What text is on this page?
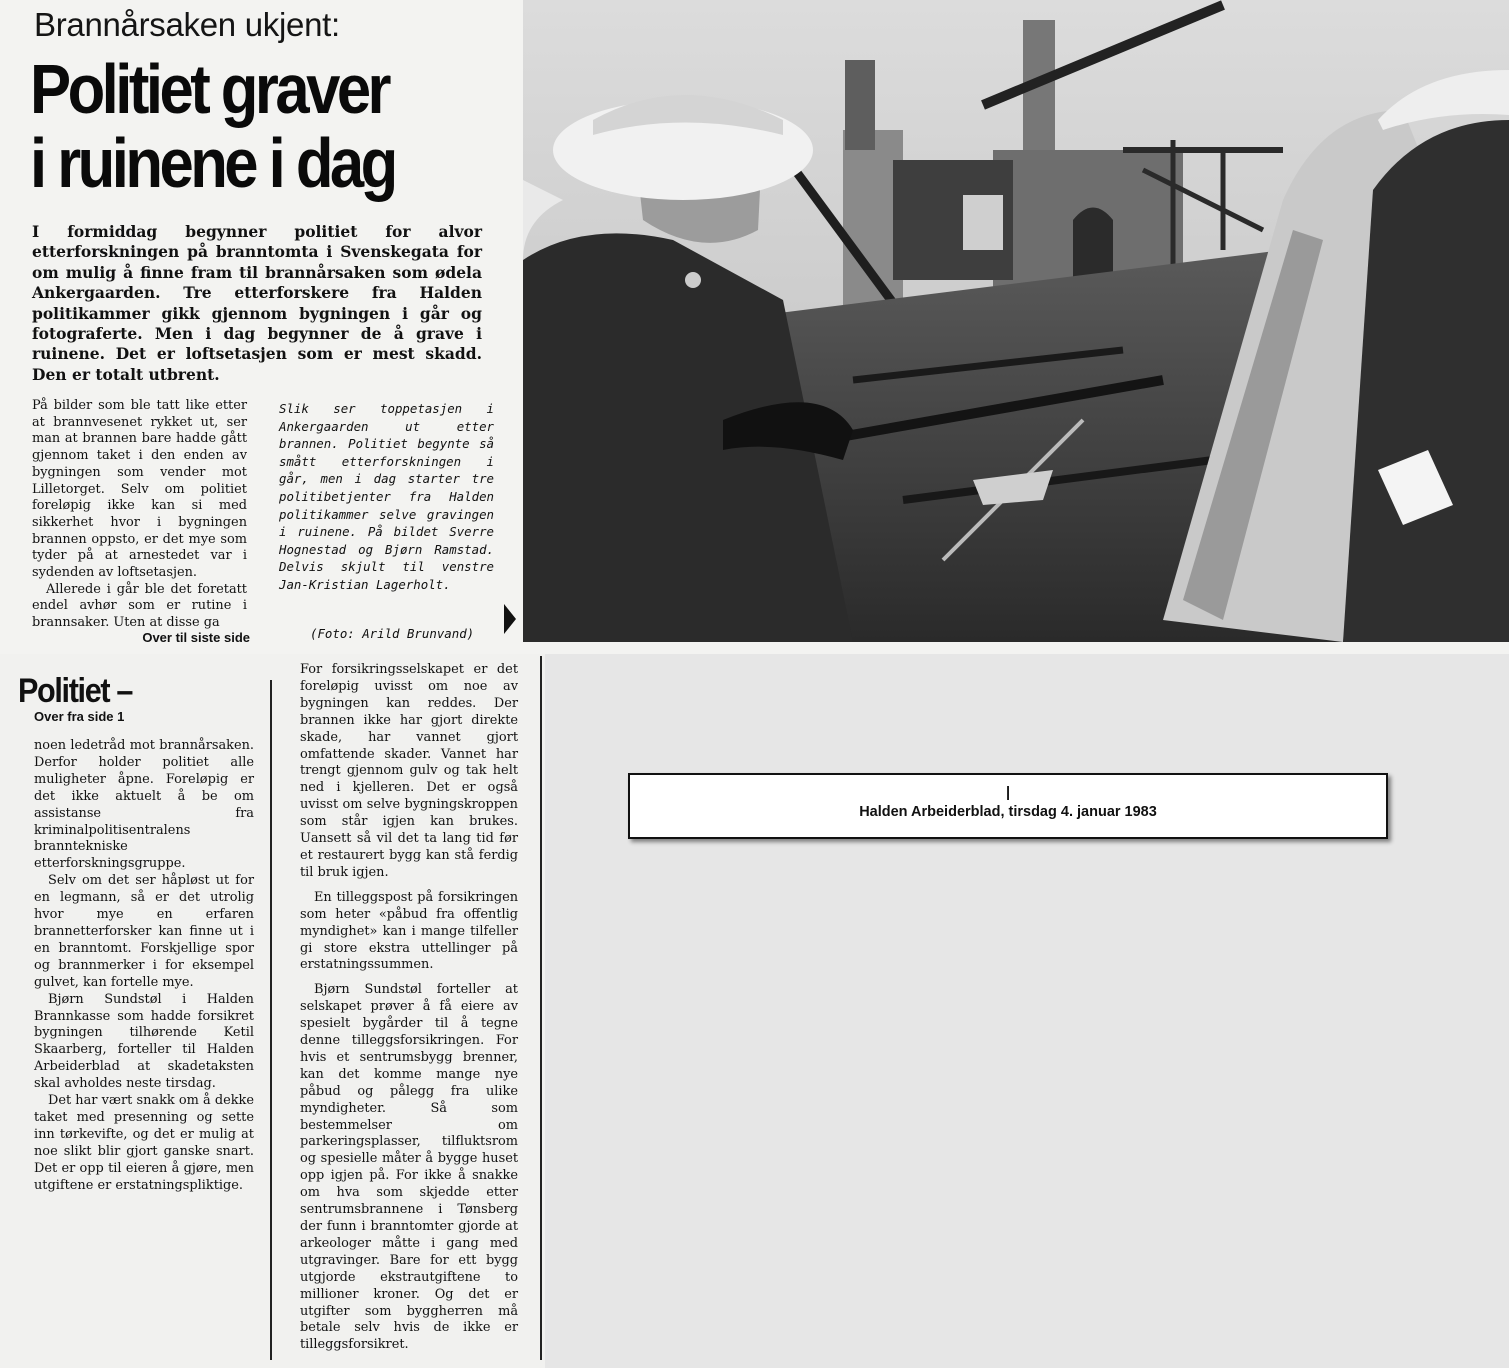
Brannårsaken ukjent:
Politiet graver
i ruinene i dag
I formiddag begynner politiet for alvor etterforskningen på branntomta i Svenskegata for om mulig å finne fram til brannårsaken som ødela Ankergaarden. Tre etterforskere fra Halden politikammer gikk gjennom bygningen i går og fotograferte. Men i dag begynner de å grave i ruinene. Det er loftsetasjen som er mest skadd. Den er totalt utbrent.

På bilder som ble tatt like etter at brannvesenet rykket ut, ser man at brannen bare hadde gått gjennom taket i den enden av bygningen som vender mot Lilletorget. Selv om politiet foreløpig ikke kan si med sikkerhet hvor i bygningen brannen oppsto, er det mye som tyder på at arnestedet var i sydenden av loftsetasjen.

Allerede i går ble det foretatt endel avhør som er rutine i brannsaker. Uten at disse ga

Over til siste side
Slik ser toppetasjen i Ankergaarden ut etter brannen. Politiet begynte så smått etterforskningen i går, men i dag starter tre politibetjenter fra Halden politikammer selve gravingen i ruinene. På bildet Sverre Hognestad og Bjørn Ramstad. Delvis skjult til venstre Jan-Kristian Lagerholt.
(Foto: Arild Brunvand)
Politiet –
Over fra side 1

noen ledetråd mot brannårsaken. Derfor holder politiet alle muligheter åpne. Foreløpig er det ikke aktuelt å be om assistanse fra kriminalpolitisentralens branntekniske etterforskningsgruppe.

Selv om det ser håpløst ut for en legmann, så er det utrolig hvor mye en erfaren brannetterforsker kan finne ut i en branntomt. Forskjellige spor og brannmerker i for eksempel gulvet, kan fortelle mye.

Bjørn Sundstøl i Halden Brannkasse som hadde forsikret bygningen tilhørende Ketil Skaarberg, forteller til Halden Arbeiderblad at skadetaksten skal avholdes neste tirsdag.

Det har vært snakk om å dekke taket med presenning og sette inn tørkevifte, og det er mulig at noe slikt blir gjort ganske snart. Det er opp til eieren å gjøre, men utgiftene er erstatningspliktige.

For forsikringsselskapet er det foreløpig uvisst om noe av bygningen kan reddes. Der brannen ikke har gjort direkte skade, har vannet gjort omfattende skader. Vannet har trengt gjennom gulv og tak helt ned i kjelleren. Det er også uvisst om selve bygningskroppen som står igjen kan brukes. Uansett så vil det ta lang tid før et restaurert bygg kan stå ferdig til bruk igjen.

En tilleggspost på forsikringen som heter «påbud fra offentlig myndighet» kan i mange tilfeller gi store ekstra uttellinger på erstatningssummen.

Bjørn Sundstøl forteller at selskapet prøver å få eiere av spesielt bygårder til å tegne denne tilleggsforsikringen. For hvis et sentrumsbygg brenner, kan det komme mange nye påbud og pålegg fra ulike myndigheter. Så som bestemmelser om parkeringsplasser, tilfluktsrom og spesielle måter å bygge huset opp igjen på. For ikke å snakke om hva som skjedde etter sentrumsbrannene i Tønsberg der funn i branntomter gjorde at arkeologer måtte i gang med utgravinger. Bare for ett bygg utgjorde ekstrautgiftene to millioner kroner. Og det er utgifter som byggherren må betale selv hvis de ikke er tilleggsforsikret.

|
Halden Arbeiderblad, tirsdag 4. januar 1983
